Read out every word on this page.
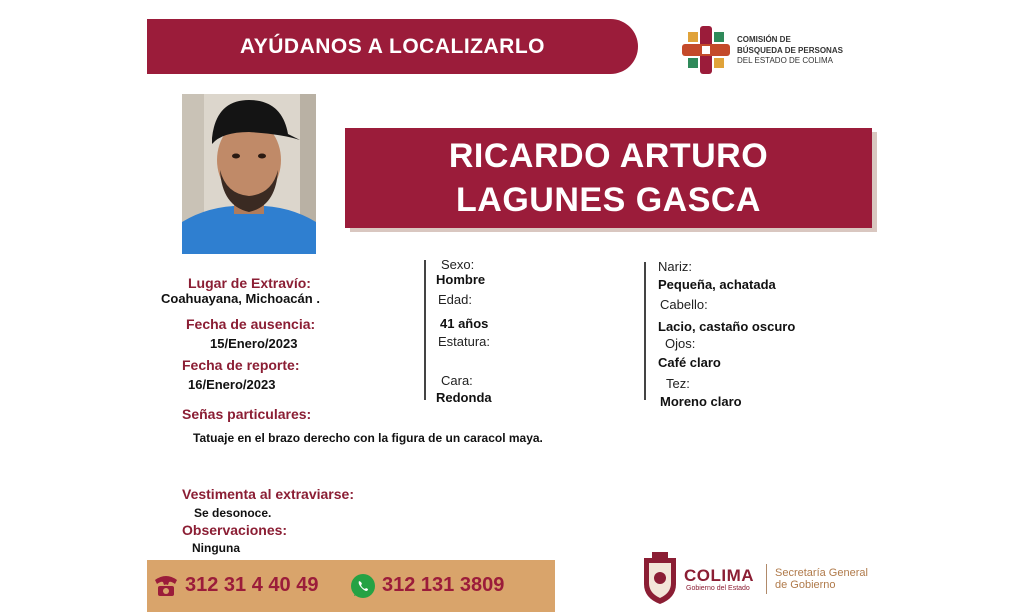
AYÚDANOS A LOCALIZARLO	COMISIÓN DE
BÚSQUEDA DE PERSONAS
DEL ESTADO DE COLIMA
RICARDO ARTURO
LAGUNES GASCA
Lugar de Extravío:
Coahuayana, Michoacán .
Fecha de ausencia:
15/Enero/2023
Fecha de reporte:
16/Enero/2023
Señas particulares:
Tatuaje en el brazo derecho con la figura de un caracol maya.
Vestimenta al extraviarse:
Se desonoce.
Observaciones:
Ninguna
Sexo:
Hombre
Edad:
41 años
Estatura:
Cara:
Redonda
Nariz:
Pequeña, achatada
Cabello:
Lacio, castaño oscuro
Ojos:
Café claro
Tez:
Moreno claro
312 31 4 40 49	312 131 3809	COLIMA
Gobierno del Estado
Secretaría General
de Gobierno
